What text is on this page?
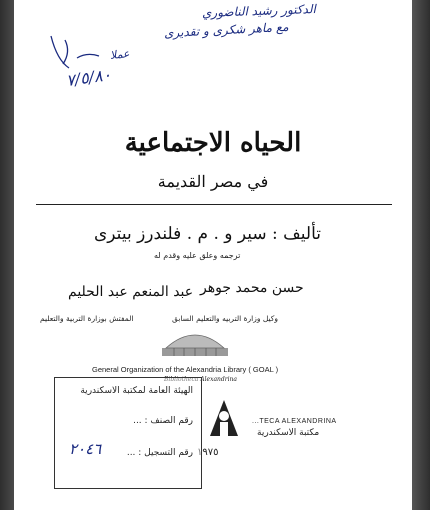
الدكتور رشيد الناضوري
مع ماهر شكرى و تقديرى
عملا
٧/٥/٨٠
الحياه الاجتماعية
في مصر القديمة
تأليف : سير و . م . فلندرز بيترى
ترجمه وعلق عليه وقدم له
حسن محمد جوهر
عبد المنعم عبد الحليم
وكيل وزارة التربيه والتعليم السابق
المفتش بوزارة التربية والتعليم
General Organization of the Alexandria Library ( GOAL )
Bibliotheca Alexandrina
...TECA ALEXANDRINA
مكتبة الاسكندرية
١٩٧٥
الهيئة العامة لمكتبة الاسكندرية
رقم الصنف : ...
رقم التسجيل : ...
٢٠٤٦
